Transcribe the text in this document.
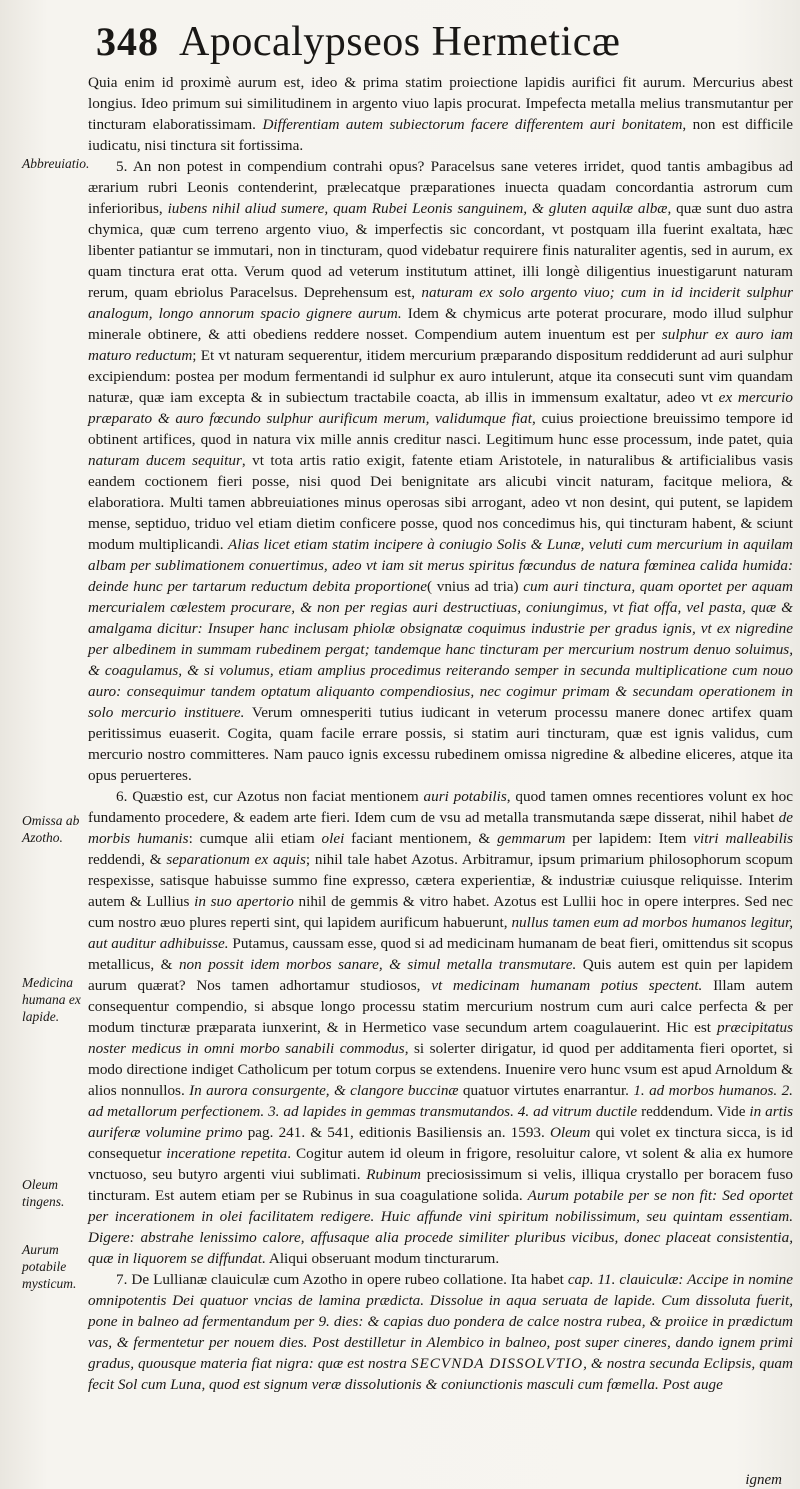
348 Apocalypseos Hermeticæ
Abbreuiatio.
Omissa ab Azotho.
Medicina humana ex lapide.
Oleum tingens.
Aurum potabile mysticum.

Quia enim id proximè aurum est, ideo & prima statim proiectione lapidis aurifici fit aurum. Mercurius abest longius. Ideo primum sui similitudinem in argento viuo lapis procurat. Impefecta metalla melius transmutantur per tincturam elaboratissimam. Differentiam autem subiectorum facere differentem auri bonitatem, non est difficile iudicatu, nisi tinctura sit fortissima.

5. An non potest in compendium contrahi opus? Paracelsus sane veteres irridet, quod tantis ambagibus ad ærarium rubri Leonis contenderint, prælecatque præparationes inuecta quadam concordantia astrorum cum inferioribus, iubens nihil aliud sumere, quam Rubei Leonis sanguinem, & gluten aquilæ albæ, quæ sunt duo astra chymica, quæ cum terreno argento viuo, & imperfectis sic concordant, vt postquam illa fuerint exaltata, hæc libenter patiantur se immutari, non in tincturam, quod videbatur requirere finis naturaliter agentis, sed in aurum, ex quam tinctura erat otta. Verum quod ad veterum institutum attinet, illi longè diligentius inuestigarunt naturam rerum, quam ebriolus Paracelsus. Deprehensum est, naturam ex solo argento viuo; cum in id inciderit sulphur analogum, longo annorum spacio gignere aurum. Idem & chymicus arte poterat procurare, modo illud sulphur minerale obtinere, & atti obediens reddere nosset. Compendium autem inuentum est per sulphur ex auro iam maturo reductum; Et vt naturam sequerentur, itidem mercurium præparando dispositum reddiderunt ad auri sulphur excipiendum: postea per modum fermentandi id sulphur ex auro intulerunt, atque ita consecuti sunt vim quandam naturæ, quæ iam excepta & in subiectum tractabile coacta, ab illis in immensum exaltatur, adeo vt ex mercurio præparato & auro fœcundo sulphur aurificum merum, validumque fiat, cuius proiectione breuissimo tempore id obtinent artifices, quod in natura vix mille annis creditur nasci. Legitimum hunc esse processum, inde patet, quia naturam ducem sequitur, vt tota artis ratio exigit, fatente etiam Aristotele, in naturalibus & artificialibus vasis eandem coctionem fieri posse, nisi quod Dei benignitate ars alicubi vincit naturam, facitque meliora, & elaboratiora. Multi tamen abbreuiationes minus operosas sibi arrogant, adeo vt non desint, qui putent, se lapidem mense, septiduo, triduo vel etiam dietim conficere posse, quod nos concedimus his, qui tincturam habent, & sciunt modum multiplicandi. Alias licet etiam statim incipere à coniugio Solis & Lunæ, veluti cum mercurium in aquilam albam per sublimationem conuertimus, adeo vt iam sit merus spiritus fœcundus de natura fœminea calida humida: deinde hunc per tartarum reductum debita proportione( vnius ad tria) cum auri tinctura, quam oportet per aquam mercurialem cœlestem procurare, & non per regias auri destructiuas, coniungimus, vt fiat offa, vel pasta, quæ & amalgama dicitur: Insuper hanc inclusam phiolæ obsignatæ coquimus industrie per gradus ignis, vt ex nigredine per albedinem in summam rubedinem pergat; tandemque hanc tincturam per mercurium nostrum denuo soluimus, & coagulamus, & si volumus, etiam amplius procedimus reiterando semper in secunda multiplicatione cum nouo auro: consequimur tandem optatum aliquanto compendiosius, nec cogimur primam & secundam operationem in solo mercurio instituere. Verum omnesperiti tutius iudicant in veterum processu manere donec artifex quam peritissimus euaserit. Cogita, quam facile errare possis, si statim auri tincturam, quæ est ignis validus, cum mercurio nostro committeres. Nam pauco ignis excessu rubedinem omissa nigredine & albedine eliceres, atque ita opus peruerteres.

6. Quæstio est, cur Azotus non faciat mentionem auri potabilis, quod tamen omnes recentiores volunt ex hoc fundamento procedere, & eadem arte fieri. Idem cum de vsu ad metalla transmutanda sæpe disserat, nihil habet de morbis humanis: cumque alii etiam olei faciant mentionem, & gemmarum per lapidem: Item vitri malleabilis reddendi, & separationum ex aquis; nihil tale habet Azotus. Arbitramur, ipsum primarium philosophorum scopum respexisse, satisque habuisse summo fine expresso, cætera experientiæ, & industriæ cuiusque reliquisse. Interim autem & Lullius in suo apertorio nihil de gemmis & vitro habet. Azotus est Lullii hoc in opere interpres. Sed nec cum nostro æuo plures reperti sint, qui lapidem aurificum habuerunt, nullus tamen eum ad morbos humanos legitur, aut auditur adhibuisse. Putamus, caussam esse, quod si ad medicinam humanam de beat fieri, omittendus sit scopus metallicus, & non possit idem morbos sanare, & simul metalla transmutare. Quis autem est quin per lapidem aurum quærat? Nos tamen adhortamur studiosos, vt medicinam humanam potius spectent. Illam autem consequentur compendio, si absque longo processu statim mercurium nostrum cum auri calce perfecta & per modum tincturæ præparata iunxerint, & in Hermetico vase secundum artem coagulauerint. Hic est præcipitatus noster medicus in omni morbo sanabili commodus, si solerter dirigatur, id quod per additamenta fieri oportet, si modo directione indiget Catholicum per totum corpus se extendens. Inuenire vero hunc vsum est apud Arnoldum & alios nonnullos. In aurora consurgente, & clangore buccinæ quatuor virtutes enarrantur. 1. ad morbos humanos. 2. ad metallorum perfectionem. 3. ad lapides in gemmas transmutandos. 4. ad vitrum ductile reddendum. Vide in artis auriferæ volumine primo pag. 241. & 541, editionis Basiliensis an. 1593. Oleum qui volet ex tinctura sicca, is id consequetur inceratione repetita. Cogitur autem id oleum in frigore, resoluitur calore, vt solent & alia ex humore vnctuoso, seu butyro argenti viui sublimati. Rubinum preciosissimum si velis, illiqua crystallo per boracem fuso tincturam. Est autem etiam per se Rubinus in sua coagulatione solida. Aurum potabile per se non fit: Sed oportet per incerationem in olei facilitatem redigere. Huic affunde vini spiritum nobilissimum, seu quintam essentiam. Digere: abstrahe lenissimo calore, affusaque alia procede similiter pluribus vicibus, donec placeat consistentia, quæ in liquorem se diffundat. Aliqui obseruant modum tincturarum.

7. De Lullianæ clauiculæ cum Azotho in opere rubeo collatione. Ita habet cap. 11. clauiculæ: Accipe in nomine omnipotentis Dei quatuor vncias de lamina prædicta. Dissolue in aqua seruata de lapide. Cum dissoluta fuerit, pone in balneo ad fermentandum per 9. dies: & capias duo pondera de calce nostra rubea, & proiice in prædictum vas, & fermentetur per nouem dies. Post destilletur in Alembico in balneo, post super cineres, dando ignem primi gradus, quousque materia fiat nigra: quæ est nostra SECVNDA DISSOLVTIO, & nostra secunda Eclipsis, quam fecit Sol cum Luna, quod est signum veræ dissolutionis & coniunctionis masculi cum fœmella. Post auge

ignem
